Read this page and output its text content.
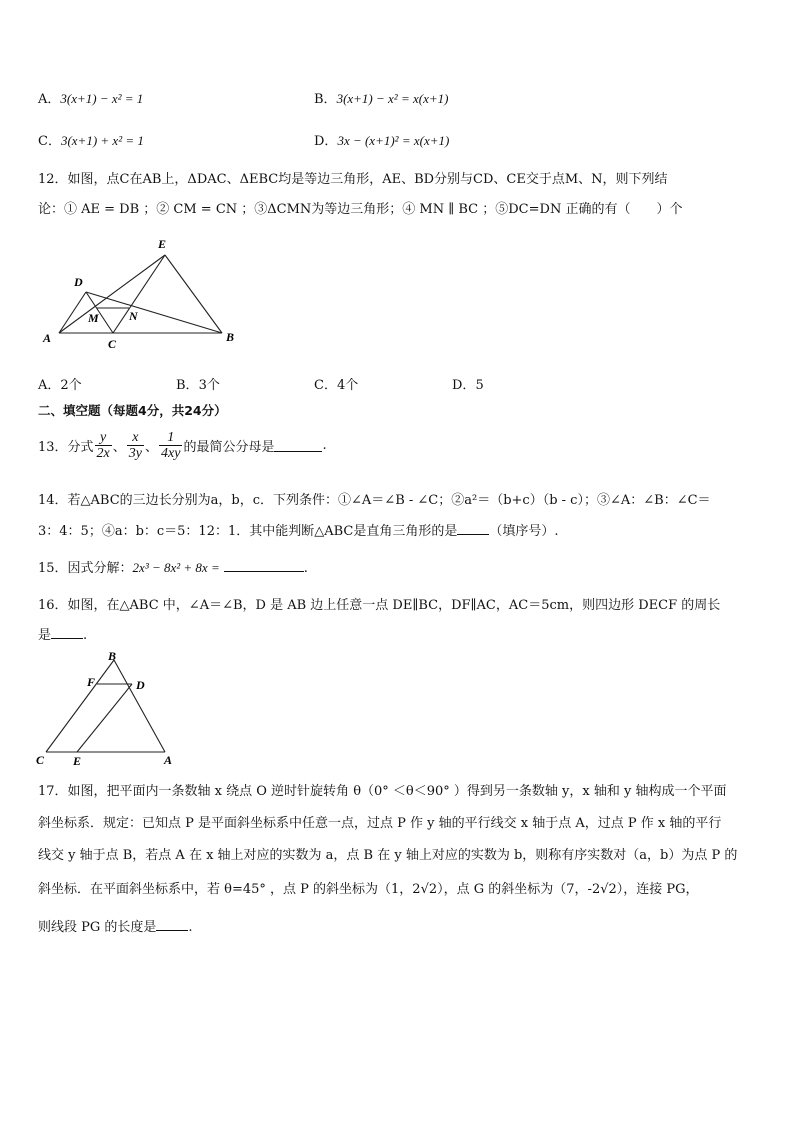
A．3(x+1) − x² = 1	B．3(x+1) − x² = x(x+1)
C．3(x+1) + x² = 1	D．3x − (x+1)² = x(x+1)
12．如图，点C在AB上，ΔDAC、ΔEBC均是等边三角形，AE、BD分别与CD、CE交于点M、N，则下列结
论：① AE = DB ；② CM = CN ；③ΔCMN为等边三角形；④ MN ∥ BC ；⑤DC=DN 正确的有（　　）个
E
D
M	N
A	C	B
A．2个	B．3个	C．4个	D．5
二、填空题（每题4分，共24分）
13．分式 $\frac{y}{2x}$ 、 $\frac{x}{3y}$ 、 $\frac{1}{4xy}$ 的最简公分母是	.
14．若△ABC的三边长分别为a，b，c．下列条件：①∠A＝∠B - ∠C；②a²＝（b+c）（b - c）；③∠A：∠B：∠C＝
3：4：5；④a：b：c＝5：12：1．其中能判断△ABC是直角三角形的是 （填序号）.
15．因式分解：2x³ − 8x² + 8x =	.
16．如图，在△ABC 中，∠A＝∠B，D 是 AB 边上任意一点 DE∥BC，DF∥AC，AC＝5cm，则四边形 DECF 的周长
是 .
B
F	D
C E	A
17．如图，把平面内一条数轴 x 绕点 O 逆时针旋转角 θ（0° ＜θ＜90° ）得到另一条数轴 y，x 轴和 y 轴构成一个平面
斜坐标系．规定：已知点 P 是平面斜坐标系中任意一点，过点 P 作 y 轴的平行线交 x 轴于点 A，过点 P 作 x 轴的平行
线交 y 轴于点 B，若点 A 在 x 轴上对应的实数为 a，点 B 在 y 轴上对应的实数为 b，则称有序实数对（a，b）为点 P 的
斜坐标．在平面斜坐标系中，若 θ=45° ，点 P 的斜坐标为（1，2√2），点 G 的斜坐标为（7，-2√2），连接 PG，
则线段 PG 的长度是 .
